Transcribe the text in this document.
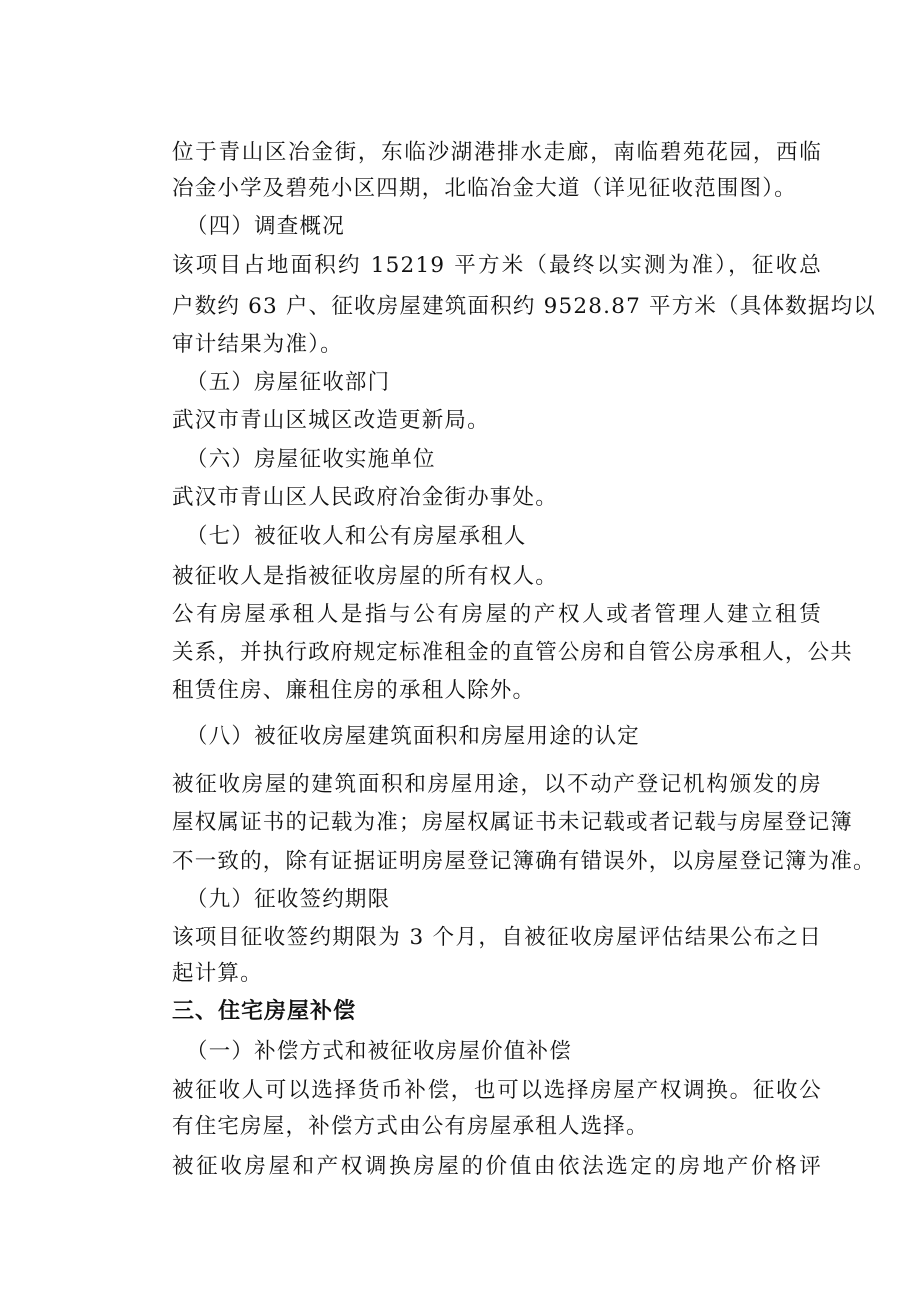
位于青山区冶金街，东临沙湖港排水走廊，南临碧苑花园，西临
冶金小学及碧苑小区四期，北临冶金大道（详见征收范围图）。
（四）调查概况
该项目占地面积约 15219 平方米（最终以实测为准），征收总
户数约 63 户、征收房屋建筑面积约 9528.87 平方米（具体数据均以
审计结果为准）。
（五）房屋征收部门
武汉市青山区城区改造更新局。
（六）房屋征收实施单位
武汉市青山区人民政府冶金街办事处。
（七）被征收人和公有房屋承租人
被征收人是指被征收房屋的所有权人。
公有房屋承租人是指与公有房屋的产权人或者管理人建立租赁
关系，并执行政府规定标准租金的直管公房和自管公房承租人，公共
租赁住房、廉租住房的承租人除外。
（八）被征收房屋建筑面积和房屋用途的认定
被征收房屋的建筑面积和房屋用途，以不动产登记机构颁发的房
屋权属证书的记载为准；房屋权属证书未记载或者记载与房屋登记簿
不一致的，除有证据证明房屋登记簿确有错误外，以房屋登记簿为准。
（九）征收签约期限
该项目征收签约期限为 3 个月，自被征收房屋评估结果公布之日
起计算。
三、住宅房屋补偿
（一）补偿方式和被征收房屋价值补偿
被征收人可以选择货币补偿，也可以选择房屋产权调换。征收公
有住宅房屋，补偿方式由公有房屋承租人选择。
被征收房屋和产权调换房屋的价值由依法选定的房地产价格评
